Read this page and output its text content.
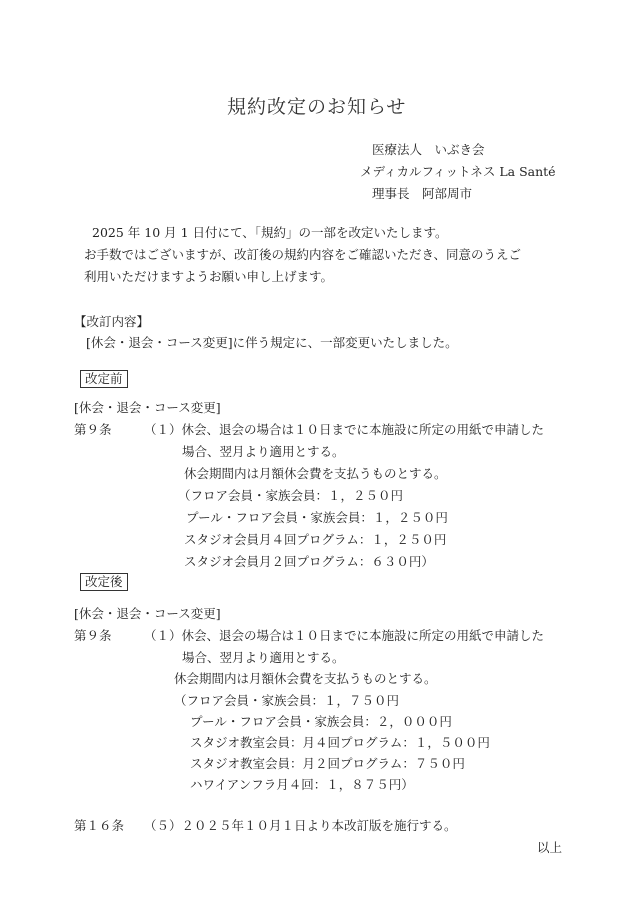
規約改定のお知らせ
医療法人　いぶき会
メディカルフィットネス La Santé
理事長　阿部周市
2025 年 10 月 1 日付にて、「規約」の一部を改定いたします。
お手数ではございますが、改訂後の規約内容をご確認いただき、同意のうえご
利用いただけますようお願い申し上げます。
【改訂内容】
[休会・退会・コース変更]に伴う規定に、一部変更いたしました。
改定前
[休会・退会・コース変更]
第９条	（１）休会、退会の場合は１０日までに本施設に所定の用紙で申請した
場合、翌月より適用とする。
休会期間内は月額休会費を支払うものとする。
（フロア会員・家族会員：１，２５０円
プール・フロア会員・家族会員：１，２５０円
スタジオ会員月４回プログラム：１，２５０円
スタジオ会員月２回プログラム：６３０円）
改定後
[休会・退会・コース変更]
第９条	（１）休会、退会の場合は１０日までに本施設に所定の用紙で申請した
場合、翌月より適用とする。
休会期間内は月額休会費を支払うものとする。
（フロア会員・家族会員：１，７５０円
プール・フロア会員・家族会員：２，０００円
スタジオ教室会員：月４回プログラム：１，５００円
スタジオ教室会員：月２回プログラム：７５０円
ハワイアンフラ月４回：１，８７５円）
第１６条 （５）２０２５年１０月１日より本改訂版を施行する。
以上
